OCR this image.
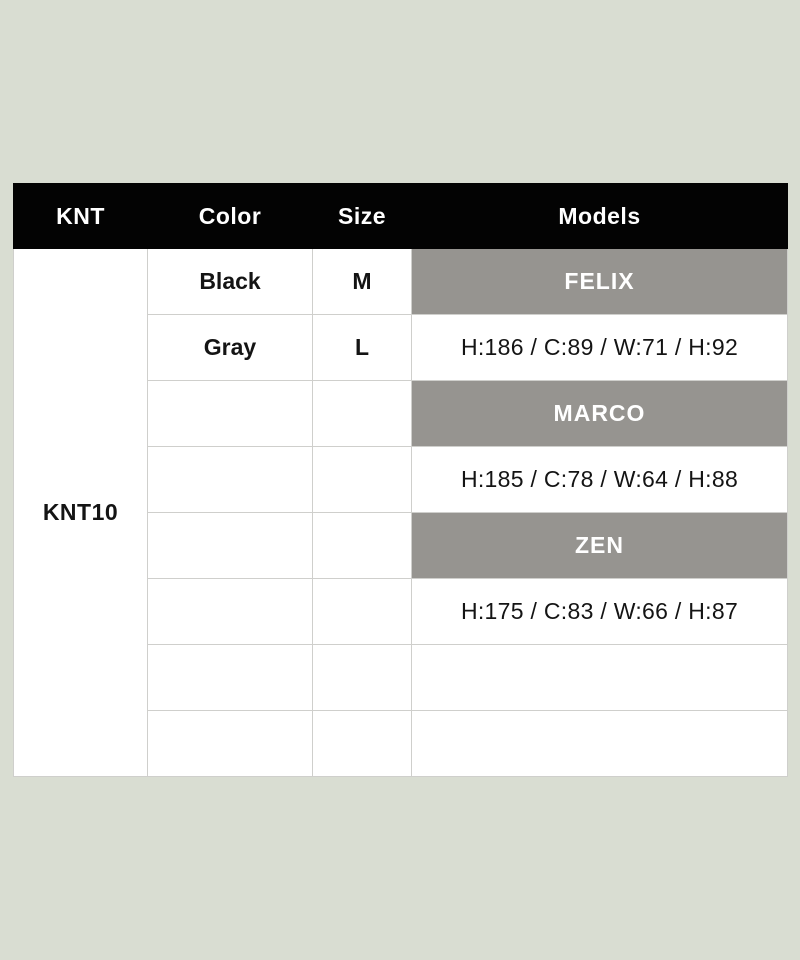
KNT	Color	Size	Models
KNT10	Black	M	FELIX
	Gray	L	H:186 / C:89 / W:71 / H:92
			MARCO
			H:185 / C:78 / W:64 / H:88
			ZEN
			H:175 / C:83 / W:66 / H:87
